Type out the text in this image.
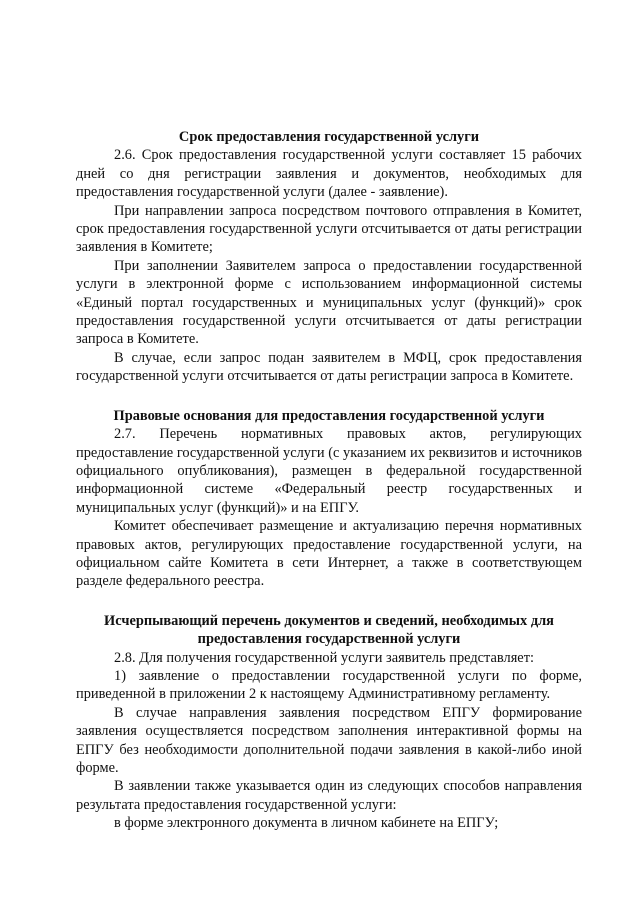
Срок предоставления государственной услуги

2.6. Срок предоставления государственной услуги составляет 15 рабочих дней со дня регистрации заявления и документов, необходимых для предоставления государственной услуги (далее - заявление).

При направлении запроса посредством почтового отправления в Комитет, срок предоставления государственной услуги отсчитывается от даты регистрации заявления в Комитете;

При заполнении Заявителем запроса о предоставлении государственной услуги в электронной форме с использованием информационной системы «Единый портал государственных и муниципальных услуг (функций)» срок предоставления государственной услуги отсчитывается от даты регистрации запроса в Комитете.

В случае, если запрос подан заявителем в МФЦ, срок предоставления государственной услуги отсчитывается от даты регистрации запроса в Комитете.

Правовые основания для предоставления государственной услуги

2.7. Перечень нормативных правовых актов, регулирующих предоставление государственной услуги (с указанием их реквизитов и источников официального опубликования), размещен в федеральной государственной информационной системе «Федеральный реестр государственных и муниципальных услуг (функций)» и на ЕПГУ.

Комитет обеспечивает размещение и актуализацию перечня нормативных правовых актов, регулирующих предоставление государственной услуги, на официальном сайте Комитета в сети Интернет, а также в соответствующем разделе федерального реестра.

Исчерпывающий перечень документов и сведений, необходимых для предоставления государственной услуги

2.8. Для получения государственной услуги заявитель представляет:

1) заявление о предоставлении государственной услуги по форме, приведенной в приложении 2 к настоящему Административному регламенту.

В случае направления заявления посредством ЕПГУ формирование заявления осуществляется посредством заполнения интерактивной формы на ЕПГУ без необходимости дополнительной подачи заявления в какой-либо иной форме.

В заявлении также указывается один из следующих способов направления результата предоставления государственной услуги:

в форме электронного документа в личном кабинете на ЕПГУ;
